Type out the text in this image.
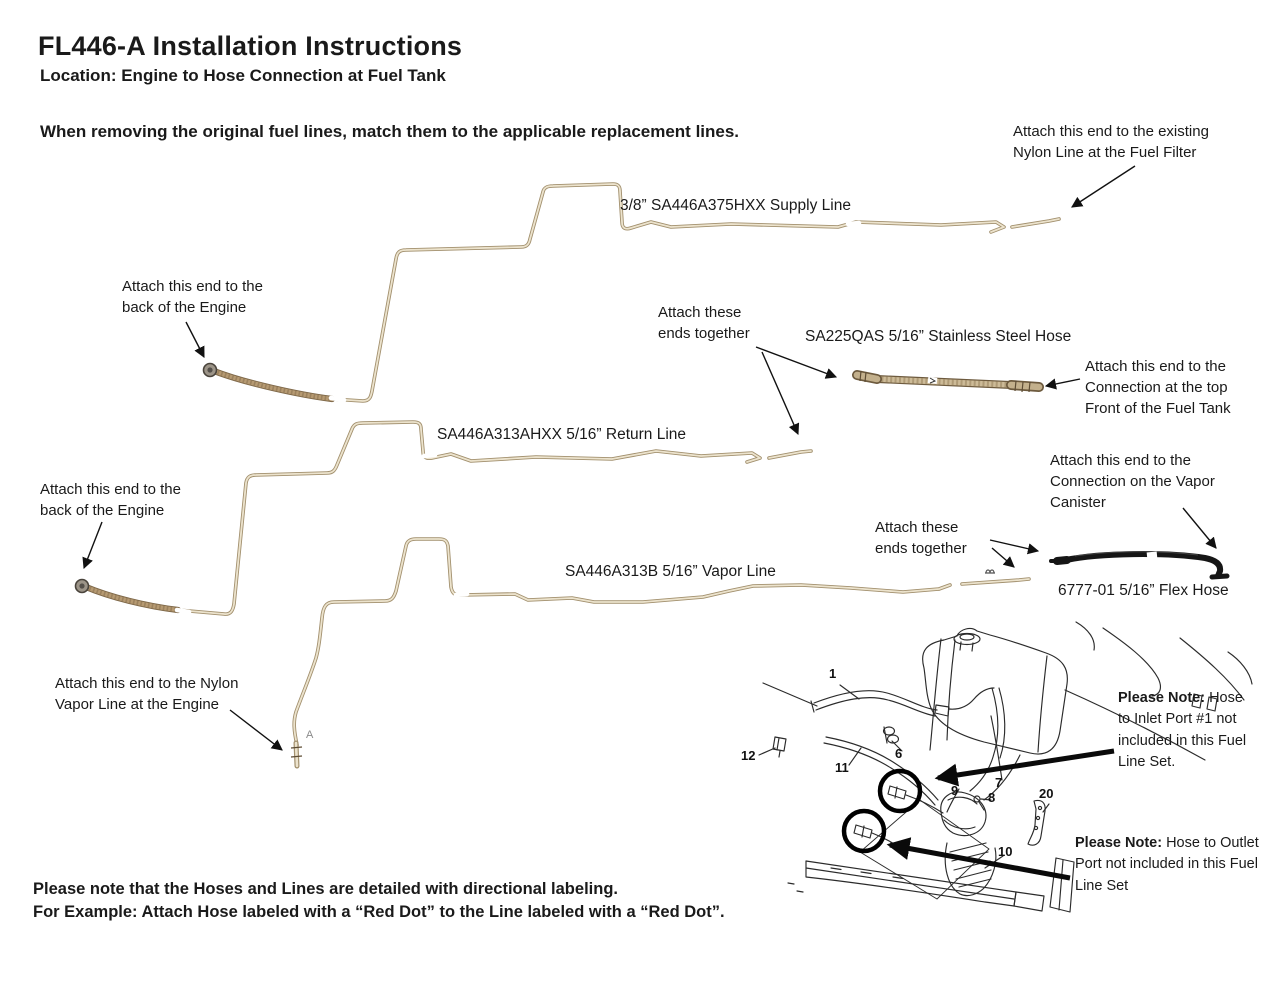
FL446-A Installation Instructions
Location: Engine to Hose Connection at Fuel Tank
When removing the original fuel lines, match them to the applicable replacement lines.
3/8” SA446A375HXX Supply Line
SA225QAS 5/16” Stainless Steel Hose
SA446A313AHXX 5/16” Return Line
SA446A313B 5/16” Vapor Line
6777-01 5/16” Flex Hose
Attach this end to the existing Nylon Line at the Fuel Filter
Attach this end to the back of the Engine	Attach these ends together
Attach this end to the Connection at the top Front of the Fuel Tank
Attach this end to the back of the Engine
Attach this end to the Connection on the Vapor Canister
Attach these ends together
Attach this end to the Nylon Vapor Line at the Engine	Please Note: Hose to Inlet Port #1 not included in this Fuel Line Set.
Please Note: Hose to Outlet Port not included in this Fuel Line Set
Please note that the Hoses and Lines are detailed with directional labeling.
For Example: Attach Hose labeled with a “Red Dot” to the Line labeled with a “Red Dot”.
1
6
7
8
9
10
11
12
20
A
